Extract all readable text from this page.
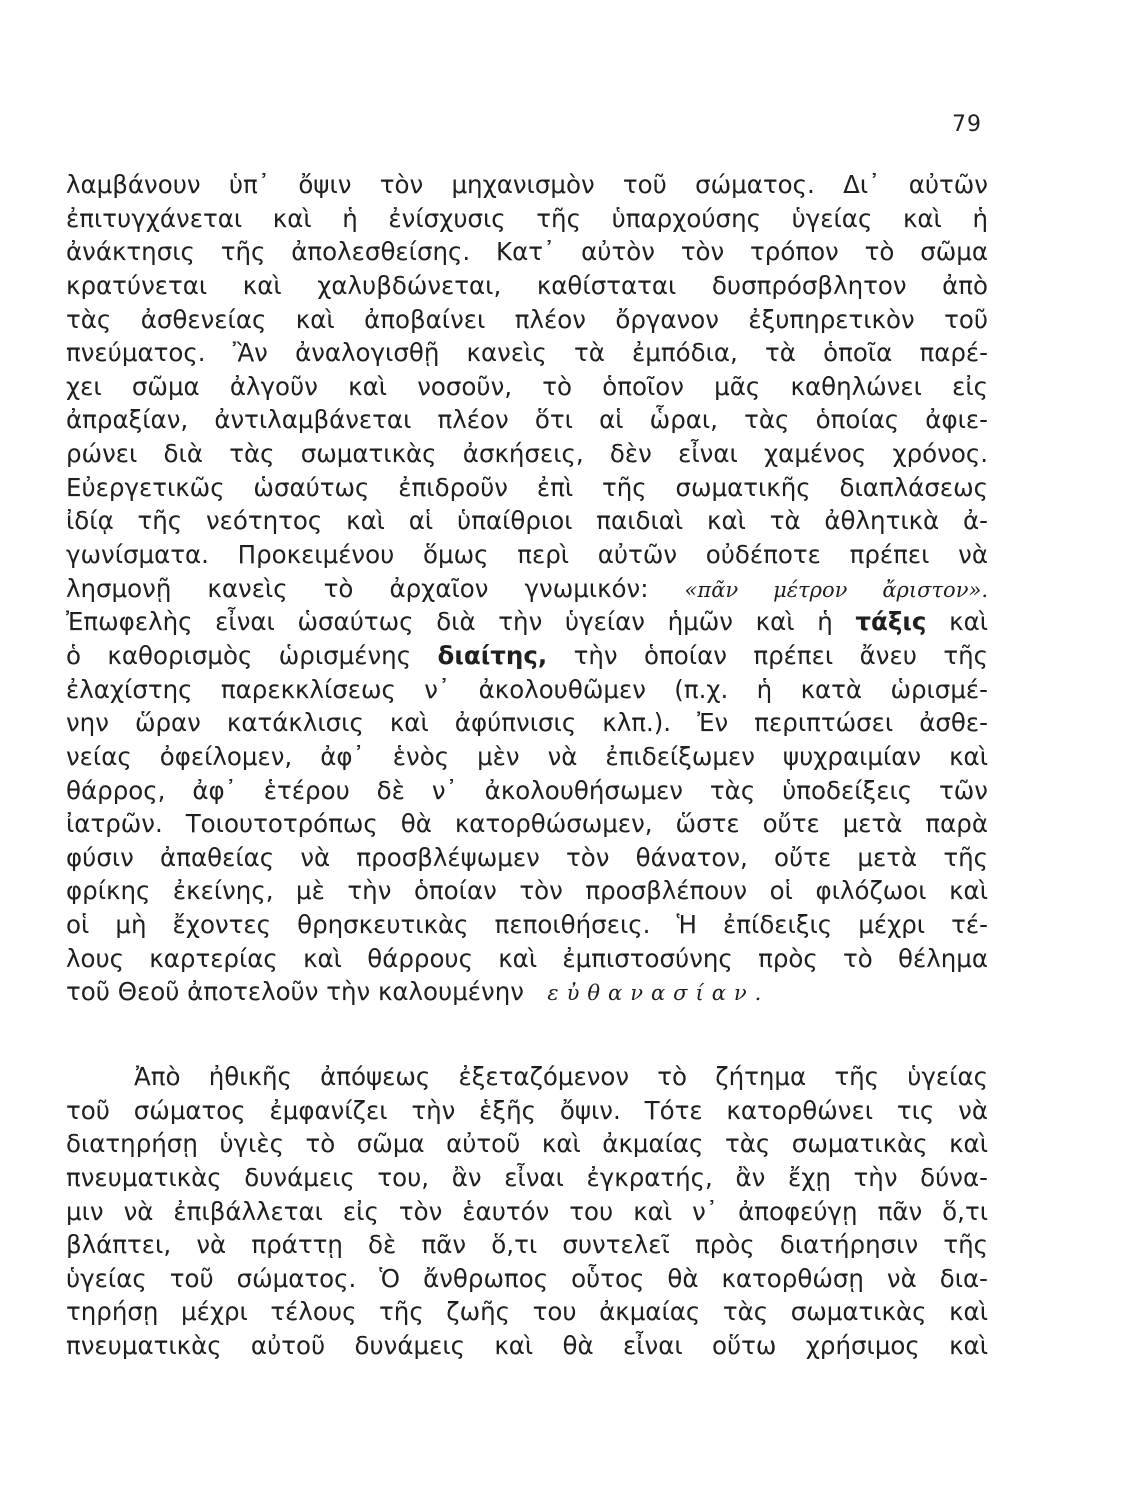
79
λαμβάνουν ὑπ᾽ ὄψιν τὸν μηχανισμὸν τοῦ σώματος. Δι᾽ αὐτῶν
ἐπιτυγχάνεται καὶ ἡ ἐνίσχυσις τῆς ὑπαρχούσης ὑγείας καὶ ἡ
ἀνάκτησις τῆς ἀπολεσθείσης. Κατ᾽ αὐτὸν τὸν τρόπον τὸ σῶμα
κρατύνεται καὶ χαλυβδώνεται, καθίσταται δυσπρόσβλητον ἀπὸ
τὰς ἀσθενείας καὶ ἀποβαίνει πλέον ὄργανον ἐξυπηρετικὸν τοῦ
πνεύματος. Ἂν ἀναλογισθῇ κανεὶς τὰ ἐμπόδια, τὰ ὁποῖα παρέ-
χει σῶμα ἀλγοῦν καὶ νοσοῦν, τὸ ὁποῖον μᾶς καθηλώνει εἰς
ἀπραξίαν, ἀντιλαμβάνεται πλέον ὅτι αἱ ὧραι, τὰς ὁποίας ἀφιε-
ρώνει διὰ τὰς σωματικὰς ἀσκήσεις, δὲν εἶναι χαμένος χρόνος.
Εὐεργετικῶς ὡσαύτως ἐπιδροῦν ἐπὶ τῆς σωματικῆς διαπλάσεως
ἰδίᾳ τῆς νεότητος καὶ αἱ ὑπαίθριοι παιδιαὶ καὶ τὰ ἀθλητικὰ ἀ-
γωνίσματα. Προκειμένου ὅμως περὶ αὐτῶν οὐδέποτε πρέπει νὰ
λησμονῇ κανεὶς τὸ ἀρχαῖον γνωμικόν: «πᾶν μέτρον ἄριστον».
Ἐπωφελὴς εἶναι ὡσαύτως διὰ τὴν ὑγείαν ἡμῶν καὶ ἡ τάξις καὶ
ὁ καθορισμὸς ὡρισμένης διαίτης, τὴν ὁποίαν πρέπει ἄνευ τῆς
ἐλαχίστης παρεκκλίσεως ν᾽ ἀκολουθῶμεν (π.χ. ἡ κατὰ ὡρισμέ-
νην ὥραν κατάκλισις καὶ ἀφύπνισις κλπ.). Ἐν περιπτώσει ἀσθε-
νείας ὀφείλομεν, ἀφ᾽ ἑνὸς μὲν νὰ ἐπιδείξωμεν ψυχραιμίαν καὶ
θάρρος, ἀφ᾽ ἑτέρου δὲ ν᾽ ἀκολουθήσωμεν τὰς ὑποδείξεις τῶν
ἰατρῶν. Τοιουτοτρόπως θὰ κατορθώσωμεν, ὥστε οὔτε μετὰ παρὰ
φύσιν ἀπαθείας νὰ προσβλέψωμεν τὸν θάνατον, οὔτε μετὰ τῆς
φρίκης ἐκείνης, μὲ τὴν ὁποίαν τὸν προσβλέπουν οἱ φιλόζωοι καὶ
οἱ μὴ ἔχοντες θρησκευτικὰς πεποιθήσεις. Ἡ ἐπίδειξις μέχρι τέ-
λους καρτερίας καὶ θάρρους καὶ ἐμπιστοσύνης πρὸς τὸ θέλημα
τοῦ Θεοῦ ἀποτελοῦν τὴν καλουμένην εὐθανασίαν.
Ἀπὸ ἠθικῆς ἀπόψεως ἐξεταζόμενον τὸ ζήτημα τῆς ὑγείας
τοῦ σώματος ἐμφανίζει τὴν ἑξῆς ὄψιν. Τότε κατορθώνει τις νὰ
διατηρήσῃ ὑγιὲς τὸ σῶμα αὐτοῦ καὶ ἀκμαίας τὰς σωματικὰς καὶ
πνευματικὰς δυνάμεις του, ἂν εἶναι ἐγκρατής, ἂν ἔχῃ τὴν δύνα-
μιν νὰ ἐπιβάλλεται εἰς τὸν ἑαυτόν του καὶ ν᾽ ἀποφεύγῃ πᾶν ὅ,τι
βλάπτει, νὰ πράττῃ δὲ πᾶν ὅ,τι συντελεῖ πρὸς διατήρησιν τῆς
ὑγείας τοῦ σώματος. Ὁ ἄνθρωπος οὗτος θὰ κατορθώσῃ νὰ δια-
τηρήσῃ μέχρι τέλους τῆς ζωῆς του ἀκμαίας τὰς σωματικὰς καὶ
πνευματικὰς αὐτοῦ δυνάμεις καὶ θὰ εἶναι οὕτω χρήσιμος καὶ
